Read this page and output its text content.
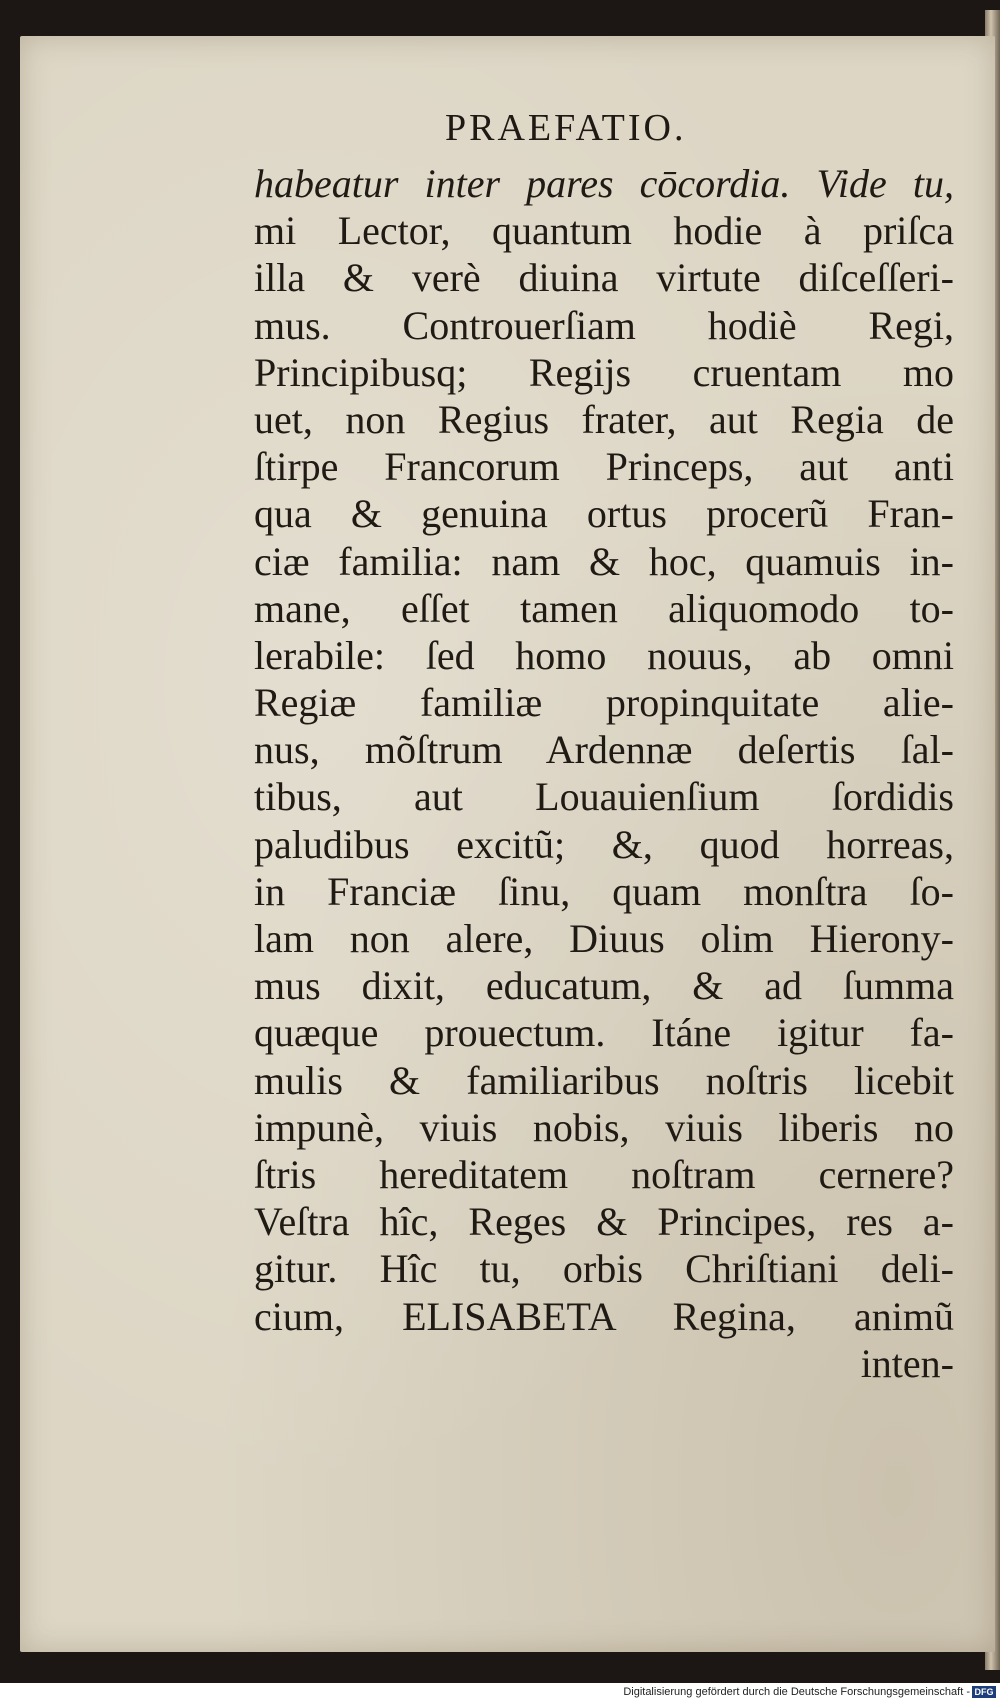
PRAEFATIO.
habeatur inter pares cōcordia. Vide tu,
mi Lector, quantum hodie à priſca
illa & verè diuina virtute diſceſſeri-
mus. Controuerſiam hodiè Regi,
Principibusq; Regijs cruentam mo
uet, non Regius frater, aut Regia de
ſtirpe Francorum Princeps, aut anti
qua & genuina ortus procerũ Fran-
ciæ familia: nam & hoc, quamuis in-
mane, eſſet tamen aliquomodo to-
lerabile: ſed homo nouus, ab omni
Regiæ familiæ propinquitate alie-
nus, mõſtrum Ardennæ deſertis ſal-
tibus, aut Louauienſium ſordidis
paludibus excitũ; &, quod horreas,
in Franciæ ſinu, quam monſtra ſo-
lam non alere, Diuus olim Hierony-
mus dixit, educatum, & ad ſumma
quæque prouectum. Itáne igitur fa-
mulis & familiaribus noſtris licebit
impunè, viuis nobis, viuis liberis no
ſtris hereditatem noſtram cernere?
Veſtra hîc, Reges & Principes, res a-
gitur. Hîc tu, orbis Chriſtiani deli-
cium, ELISABETA Regina, animũ
inten-
Digitalisierung gefördert durch die Deutsche Forschungsgemeinschaft - DFG
